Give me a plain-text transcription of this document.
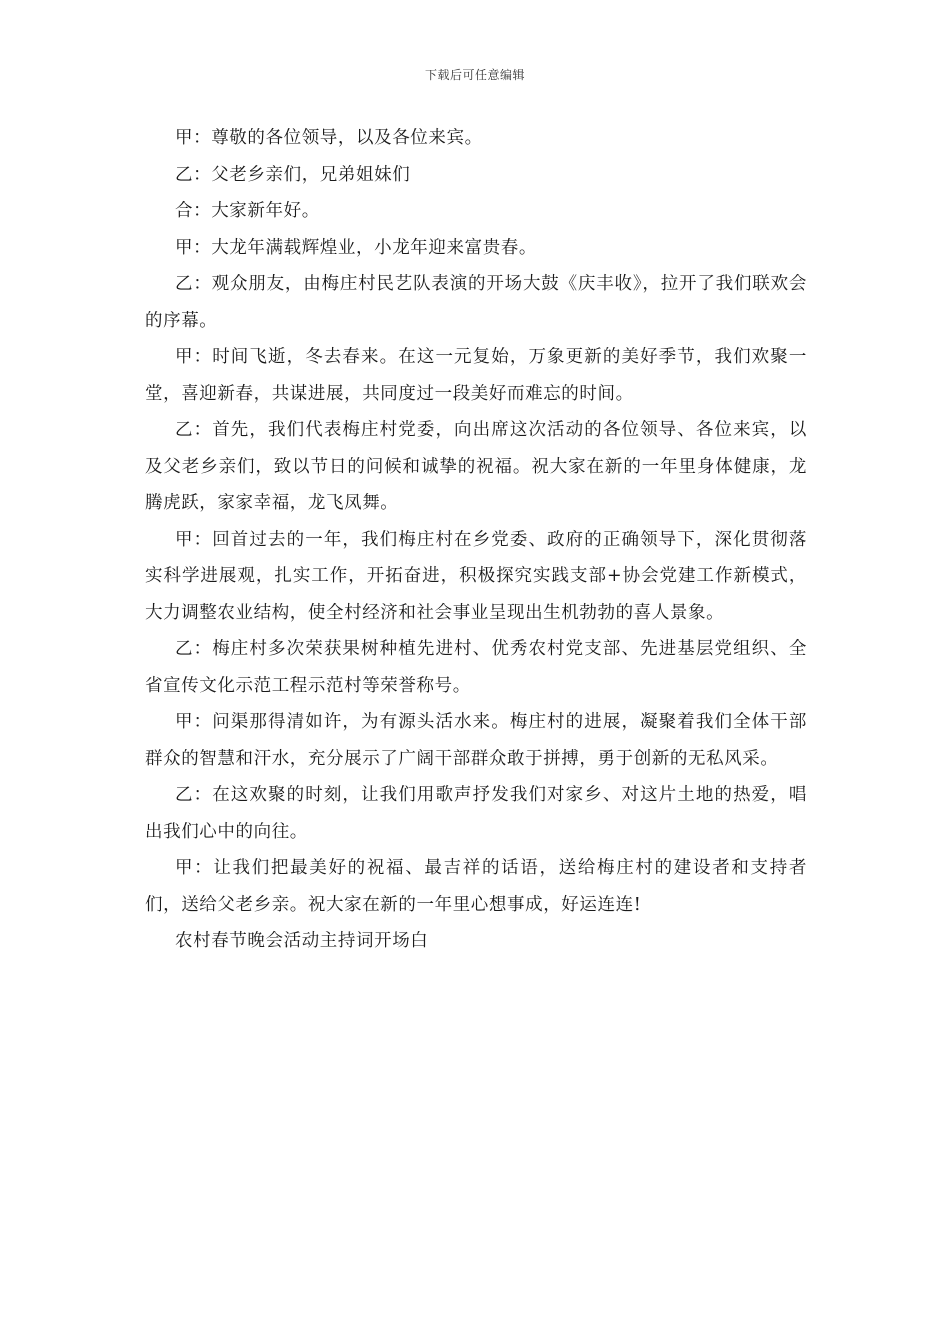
下载后可任意编辑

甲：尊敬的各位领导，以及各位来宾。

乙：父老乡亲们，兄弟姐妹们

合：大家新年好。

甲：大龙年满载辉煌业，小龙年迎来富贵春。

乙：观众朋友，由梅庄村民艺队表演的开场大鼓《庆丰收》，拉开了我们联欢会的序幕。

甲：时间飞逝，冬去春来。在这一元复始，万象更新的美好季节，我们欢聚一堂，喜迎新春，共谋进展，共同度过一段美好而难忘的时间。

乙：首先，我们代表梅庄村党委，向出席这次活动的各位领导、各位来宾，以及父老乡亲们，致以节日的问候和诚挚的祝福。祝大家在新的一年里身体健康，龙腾虎跃，家家幸福，龙飞凤舞。

甲：回首过去的一年，我们梅庄村在乡党委、政府的正确领导下，深化贯彻落实科学进展观，扎实工作，开拓奋进，积极探究实践支部+协会党建工作新模式，大力调整农业结构，使全村经济和社会事业呈现出生机勃勃的喜人景象。

乙：梅庄村多次荣获果树种植先进村、优秀农村党支部、先进基层党组织、全省宣传文化示范工程示范村等荣誉称号。

甲：问渠那得清如许，为有源头活水来。梅庄村的进展，凝聚着我们全体干部群众的智慧和汗水，充分展示了广阔干部群众敢于拼搏，勇于创新的无私风采。

乙：在这欢聚的时刻，让我们用歌声抒发我们对家乡、对这片土地的热爱，唱出我们心中的向往。

甲：让我们把最美好的祝福、最吉祥的话语，送给梅庄村的建设者和支持者们，送给父老乡亲。祝大家在新的一年里心想事成，好运连连!

农村春节晚会活动主持词开场白
